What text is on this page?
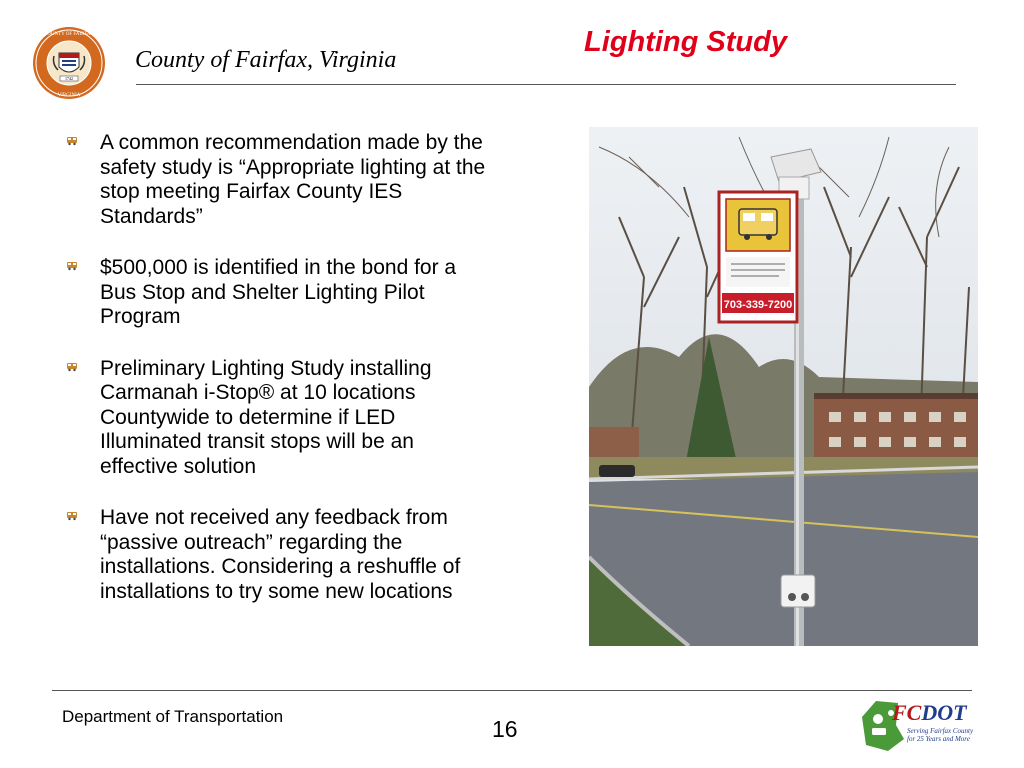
1742
COUNTY OF FAIRFAX
VIRGINIA
County of Fairfax, Virginia
Lighting Study
A common recommendation made by the
safety study is “Appropriate lighting at the
stop meeting Fairfax County IES
Standards”
$500,000 is identified in the bond for a
Bus Stop and Shelter Lighting Pilot
Program
Preliminary Lighting Study installing
Carmanah i-Stop® at 10 locations
Countywide to determine if LED
Illuminated transit stops will be an
effective solution
Have not received any feedback from
“passive outreach” regarding the
installations. Considering a reshuffle of
installations to try some new locations
703-339-7200
Department of Transportation	16
FCDOT
Serving Fairfax County for 25 Years and More
